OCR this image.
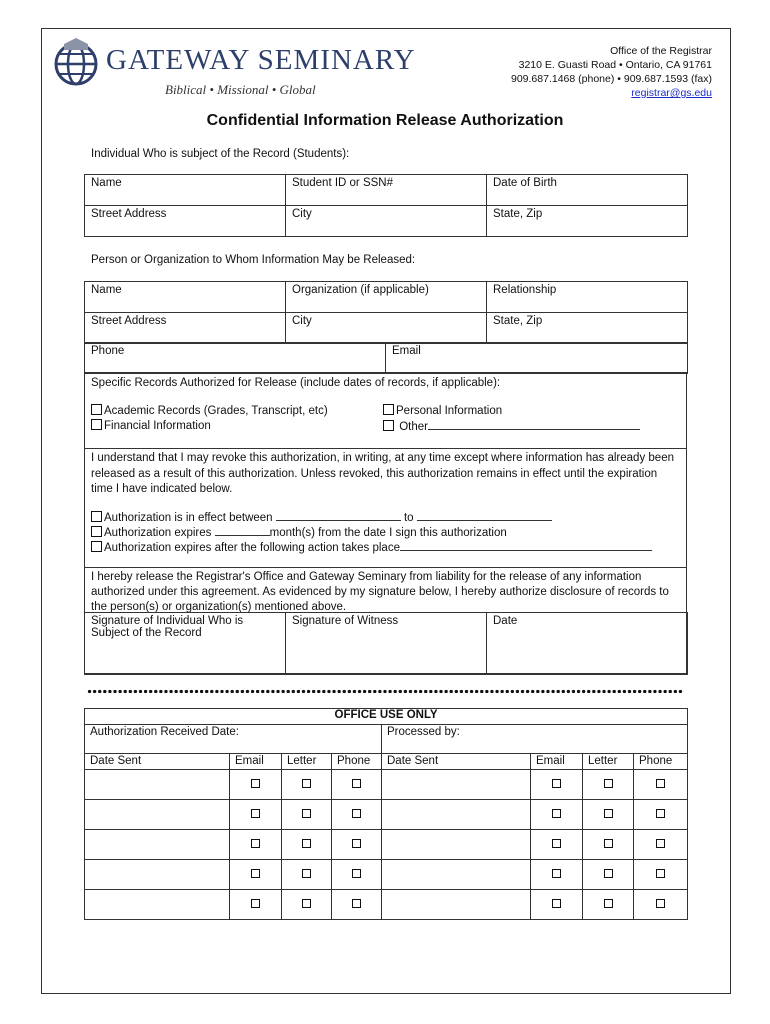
GATEWAY SEMINARY
Biblical • Missional • Global
Office of the Registrar
3210 E. Guasti Road • Ontario, CA 91761
909.687.1468 (phone) • 909.687.1593 (fax)
registrar@gs.edu
Confidential Information Release Authorization
Individual Who is subject of the Record (Students):
Name	Student ID or SSN#	Date of Birth
Street Address	City	State, Zip
Person or Organization to Whom Information May be Released:
Name	Organization (if applicable)	Relationship
Street Address	City	State, Zip
Phone	Email
Specific Records Authorized for Release (include dates of records, if applicable):
Academic Records (Grades, Transcript, etc)
Financial Information
Personal Information
Other
I understand that I may revoke this authorization, in writing, at any time except where information has already been released as a result of this authorization. Unless revoked, this authorization remains in effect until the expiration time I have indicated below.
Authorization is in effect between	to
Authorization expires	month(s) from the date I sign this authorization
Authorization expires after the following action takes place
I hereby release the Registrar's Office and Gateway Seminary from liability for the release of any information authorized under this agreement. As evidenced by my signature below, I hereby authorize disclosure of records to the person(s) or organization(s) mentioned above.
Signature of Individual Who is Subject of the Record	Signature of Witness	Date
OFFICE USE ONLY							
Authorization Received Date:				Processed by:			
Date Sent	Email	Letter	Phone	Date Sent	Email	Letter	Phone
